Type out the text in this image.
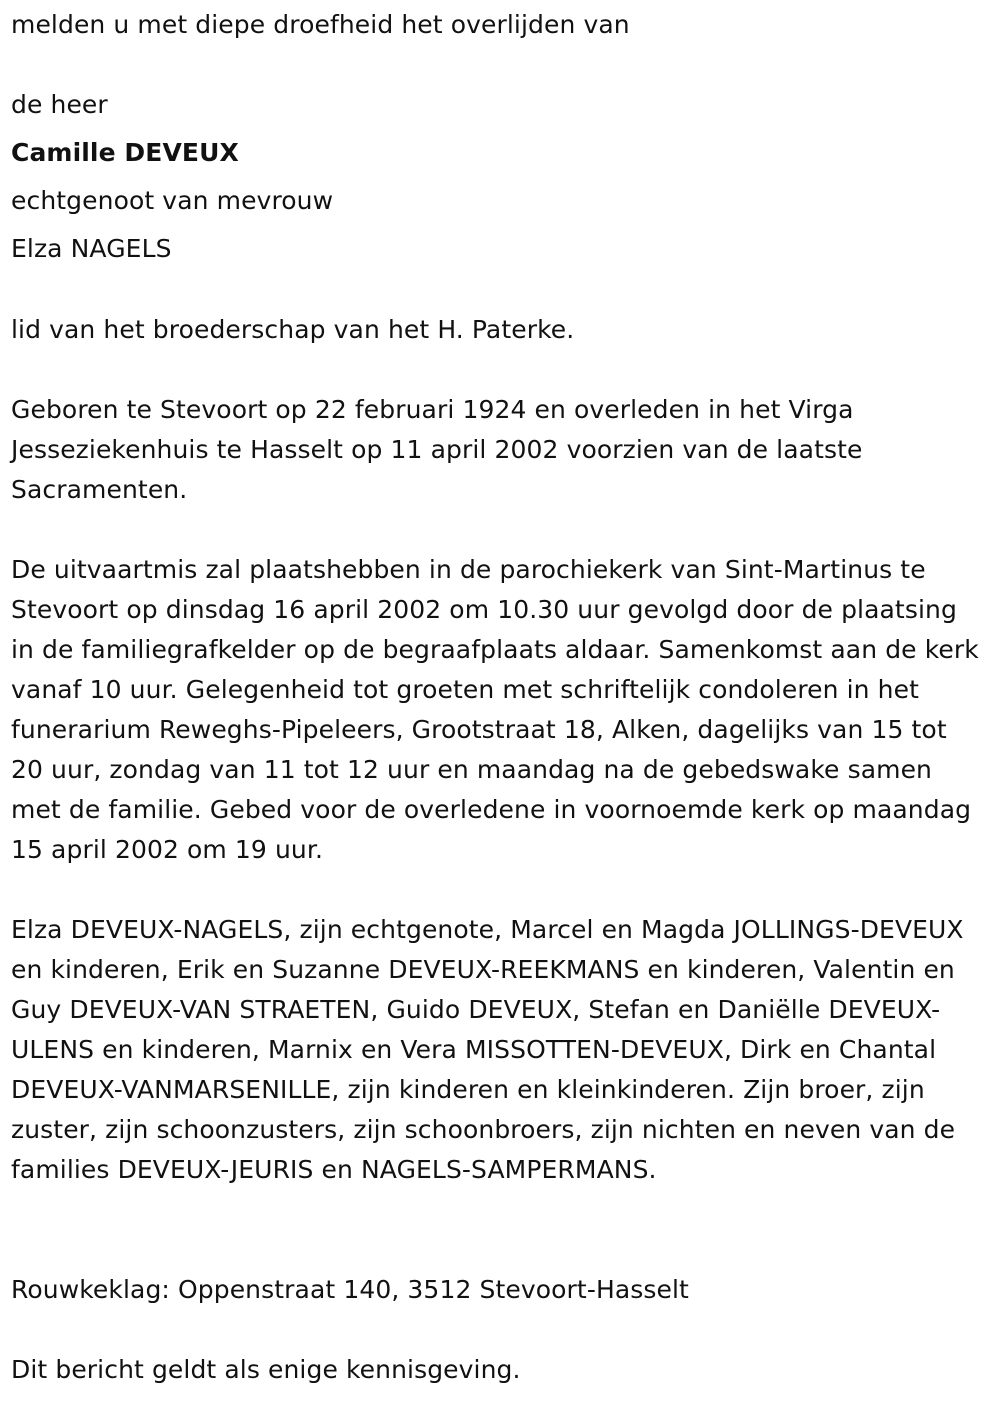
melden u met diepe droefheid het overlijden van
de heer
Camille DEVEUX
echtgenoot van mevrouw
Elza NAGELS
lid van het broederschap van het H. Paterke.
Geboren te Stevoort op 22 februari 1924 en overleden in het Virga Jesseziekenhuis te Hasselt op 11 april 2002 voorzien van de laatste Sacramenten.
De uitvaartmis zal plaatshebben in de parochiekerk van Sint-Martinus te Stevoort op dinsdag 16 april 2002 om 10.30 uur gevolgd door de plaatsing in de familiegrafkelder op de begraafplaats aldaar. Samenkomst aan de kerk vanaf 10 uur. Gelegenheid tot groeten met schriftelijk condoleren in het funerarium Reweghs-Pipeleers, Grootstraat 18, Alken, dagelijks van 15 tot 20 uur, zondag van 11 tot 12 uur en maandag na de gebedswake samen met de familie. Gebed voor de overledene in voornoemde kerk op maandag 15 april 2002 om 19 uur.
Elza DEVEUX-NAGELS, zijn echtgenote, Marcel en Magda JOLLINGS-DEVEUX en kinderen, Erik en Suzanne DEVEUX-REEKMANS en kinderen, Valentin en Guy DEVEUX-VAN STRAETEN, Guido DEVEUX, Stefan en Daniëlle DEVEUX-ULENS en kinderen, Marnix en Vera MISSOTTEN-DEVEUX, Dirk en Chantal DEVEUX-VANMARSENILLE, zijn kinderen en kleinkinderen. Zijn broer, zijn zuster, zijn schoonzusters, zijn schoonbroers, zijn nichten en neven van de families DEVEUX-JEURIS en NAGELS-SAMPERMANS.
Rouwkeklag: Oppenstraat 140, 3512 Stevoort-Hasselt
Dit bericht geldt als enige kennisgeving.
